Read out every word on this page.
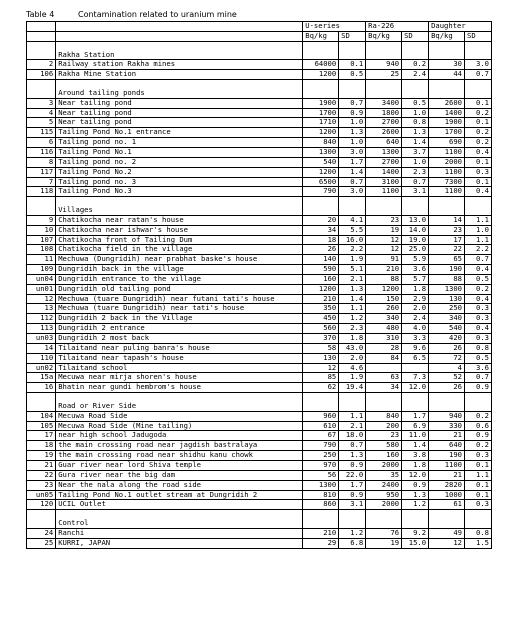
Table 4	Contamination related to uranium mine
		U-series		Ra-226		Daughter	
		Bq/kg	SD	Bq/kg	SD	Bq/kg	SD

	Rakha Station						
2	Railway station Rakha mines	64000	0.1	940	0.2	30	3.0
106	Rakha Mine Station	1200	0.5	25	2.4	44	0.7

	Around tailing ponds						
3	Near tailing pond	1900	0.7	3400	0.5	2600	0.1
4	Near tailing pond	1700	0.9	1800	1.0	1400	0.2
5	Near tailing pond	1710	1.0	2700	0.8	1900	0.1
115	Tailing Pond No.1 entrance	1200	1.3	2600	1.3	1700	0.2
6	Tailing pond no. 1	840	1.0	640	1.4	690	0.2
116	Tailing Pond No.1	1300	3.0	1300	3.7	1100	0.4
8	Tailing pond no. 2	540	1.7	2700	1.0	2000	0.1
117	Tailing Pond No.2	1200	1.4	1400	2.3	1100	0.3
7	Tailing pond no. 3	6500	0.7	3100	0.7	7300	0.1
118	Tailing Pond No.3	790	3.0	1100	3.1	1100	0.4

	Villages						
9	Chatikocha near ratan's house	20	4.1	23	13.0	14	1.1
10	Chatikocha near ishwar's house	34	5.5	19	14.0	23	1.0
107	Chatikocha front of Tailing Dum	18	16.0	12	19.0	17	1.1
108	Chatikocha field in the village	26	2.2	12	25.0	22	2.2
11	Mechuwa (Dungridih) near prabhat baske's house	140	1.9	91	5.9	65	0.7
109	Dungridih back in the village	590	5.1	210	3.6	190	0.4
un04	Dungridih entrance to the village	160	2.1	88	5.7	88	0.5
un01	Dungridih old tailing pond	1200	1.3	1200	1.8	1300	0.2
12	Mechuwa (tuare Dungridih) near futani tati's house	210	1.4	150	2.9	130	0.4
13	Mechuwa (tuare Dungridih) near tati's house	350	1.1	260	2.0	250	0.3
112	Dungridih 2 back in the Village	450	1.2	340	2.4	340	0.3
113	Dungridih 2 entrance	560	2.3	480	4.0	540	0.4
un03	Dungridih 2 most back	370	1.8	310	3.3	420	0.3
14	Tilaitand near puling banra's house	58	43.0	28	9.6	26	0.8
110	Tilaitand near tapash's house	130	2.0	84	6.5	72	0.5
un02	Tilaitand school	12	4.6			4	3.6
15a	Mecuwa near mirja shoren's house	85	1.9	63	7.3	52	0.7
16	Bhatin near gundi hembrom's house	62	19.4	34	12.0	26	0.9

	Road or River Side						
104	Mecuwa Road Side	960	1.1	840	1.7	940	0.2
105	Mecuwa Road Side (Mine tailing)	610	2.1	200	6.9	330	0.6
17	near high school Jadugoda	67	18.0	23	11.0	21	0.9
18	the main crossing road near jagdish bastralaya	790	0.7	580	1.4	640	0.2
19	the main crossing road near shidhu kanu chowk	250	1.3	160	3.8	190	0.3
21	Guar river near lord Shiva temple	970	0.9	2000	1.8	1100	0.1
22	Gura river near the big dam	56	22.0	35	12.0	21	1.1
23	Near the nala along the road side	1300	1.7	2400	0.9	2820	0.1
un05	Tailing Pond No.1 outlet stream at Dungridih 2	810	0.9	950	1.3	1000	0.1
120	UCIL Outlet	860	3.1	2000	1.2	61	0.3

	Control						
24	Ranchi	210	1.2	76	9.2	49	0.8
25	KURRI, JAPAN	29	6.8	19	15.0	12	1.5
